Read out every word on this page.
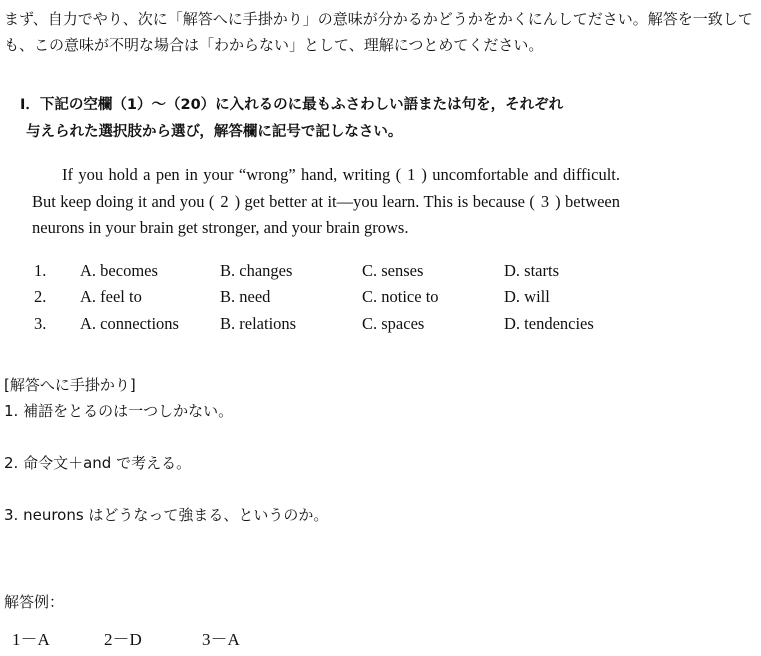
まず、自力でやり、次に「解答へに手掛かり」の意味が分かるかどうかをかくにんしてださい。解答を一致しても、この意味が不明な場合は「わからない」として、理解につとめてください。
Ⅰ．下記の空欄（1）～（20）に入れるのに最もふさわしい語または句を，それぞれ
与えられた選択肢から選び，解答欄に記号で記しなさい。
If you hold a pen in your “wrong” hand, writing ( 1 ) uncomfortable and difficult. But keep doing it and you ( 2 ) get better at it—you learn. This is because ( 3 ) between neurons in your brain get stronger, and your brain grows.
1. A. becomes	B. changes	C. senses	D. starts
2. A. feel to	B. need	C. notice to	D. will
3. A. connections B. relations	C. spaces	D. tendencies
[解答へに手掛かり]
1. 補語をとるのは一つしかない。
2. 命令文＋and で考える。
3. neurons はどうなって強まる、というのか。
解答例：
1－A	2－D	3－A
